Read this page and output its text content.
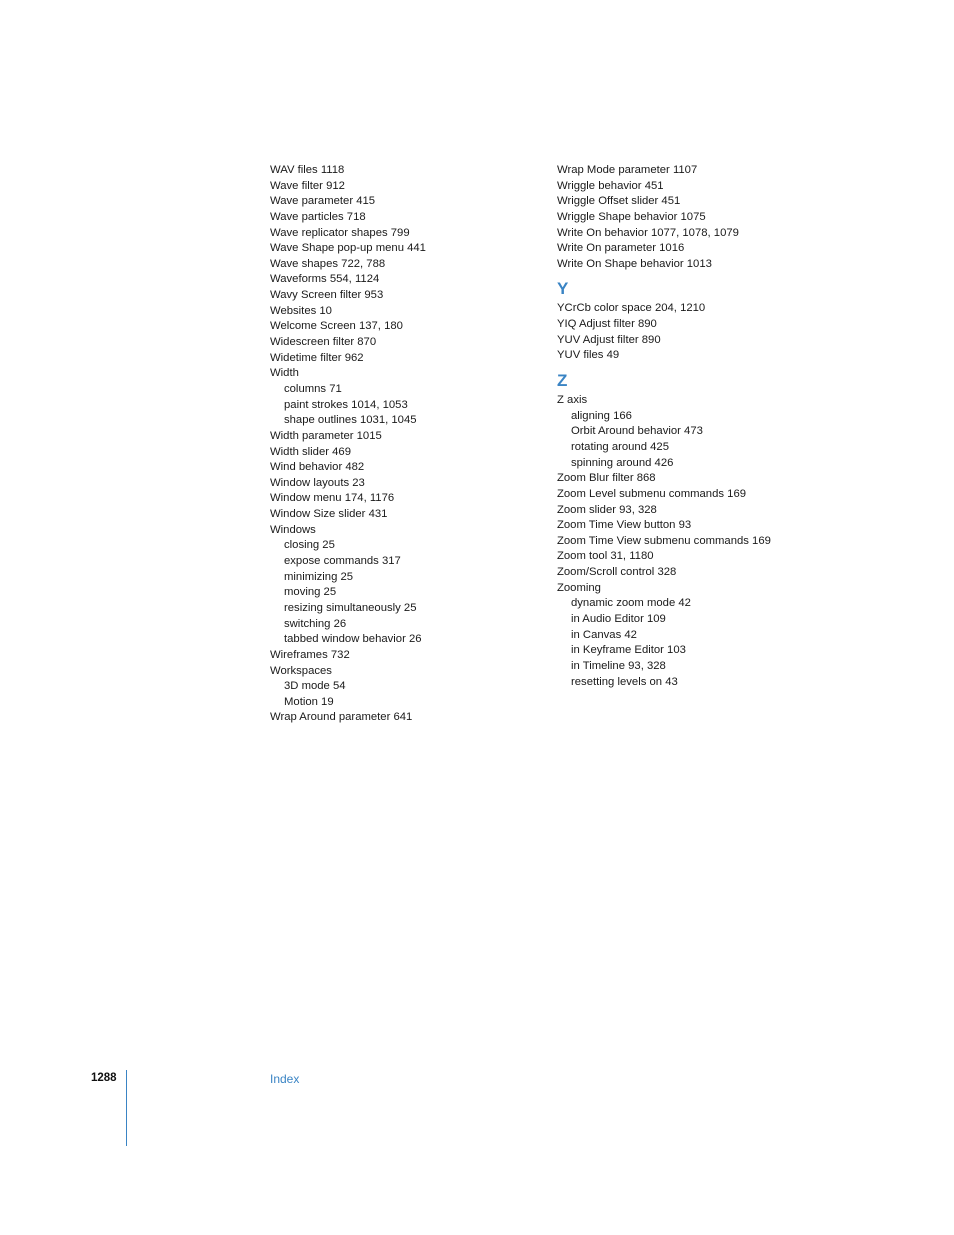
WAV files 1118
Wave filter 912
Wave parameter 415
Wave particles 718
Wave replicator shapes 799
Wave Shape pop-up menu 441
Wave shapes 722, 788
Waveforms 554, 1124
Wavy Screen filter 953
Websites 10
Welcome Screen 137, 180
Widescreen filter 870
Widetime filter 962
Width
columns 71
paint strokes 1014, 1053
shape outlines 1031, 1045
Width parameter 1015
Width slider 469
Wind behavior 482
Window layouts 23
Window menu 174, 1176
Window Size slider 431
Windows
closing 25
expose commands 317
minimizing 25
moving 25
resizing simultaneously 25
switching 26
tabbed window behavior 26
Wireframes 732
Workspaces
3D mode 54
Motion 19
Wrap Around parameter 641
Wrap Mode parameter 1107
Wriggle behavior 451
Wriggle Offset slider 451
Wriggle Shape behavior 1075
Write On behavior 1077, 1078, 1079
Write On parameter 1016
Write On Shape behavior 1013
Y
YCrCb color space 204, 1210
YIQ Adjust filter 890
YUV Adjust filter 890
YUV files 49
Z
Z axis
aligning 166
Orbit Around behavior 473
rotating around 425
spinning around 426
Zoom Blur filter 868
Zoom Level submenu commands 169
Zoom slider 93, 328
Zoom Time View button 93
Zoom Time View submenu commands 169
Zoom tool 31, 1180
Zoom/Scroll control 328
Zooming
dynamic zoom mode 42
in Audio Editor 109
in Canvas 42
in Keyframe Editor 103
in Timeline 93, 328
resetting levels on 43
1288	Index
